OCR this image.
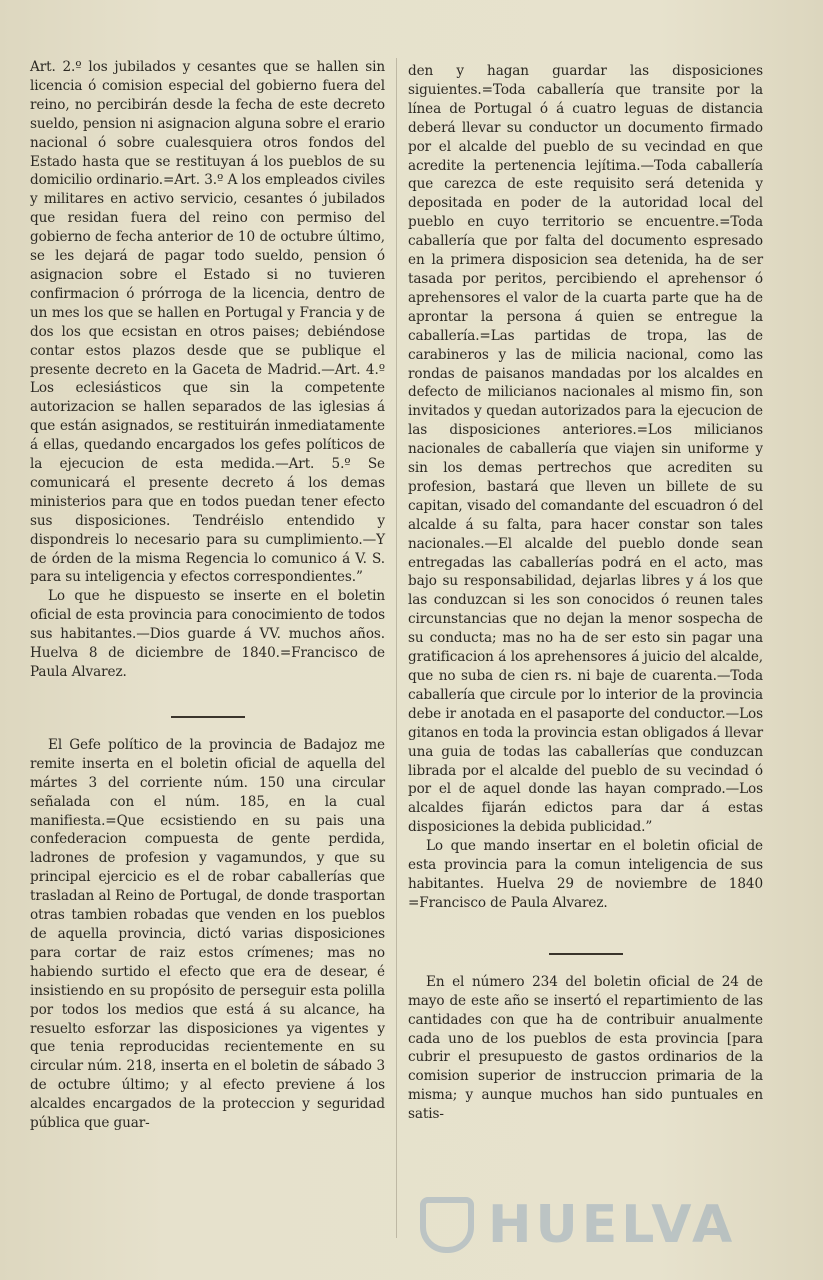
Art. 2.º los jubilados y cesantes que se hallen sin licencia ó comision especial del gobierno fuera del reino, no percibirán desde la fecha de este decreto sueldo, pension ni asignacion alguna sobre el erario nacional ó sobre cualesquiera otros fondos del Estado hasta que se restituyan á los pueblos de su domicilio ordinario.=Art. 3.º A los empleados civiles y militares en activo servicio, cesantes ó jubilados que residan fuera del reino con permiso del gobierno de fecha anterior de 10 de octubre último, se les dejará de pagar todo sueldo, pension ó asignacion sobre el Estado si no tuvieren confirmacion ó prórroga de la licencia, dentro de un mes los que se hallen en Portugal y Francia y de dos los que ecsistan en otros paises; debiéndose contar estos plazos desde que se publique el presente decreto en la Gaceta de Madrid.—Art. 4.º Los eclesiásticos que sin la competente autorizacion se hallen separados de las iglesias á que están asignados, se restituirán inmediatamente á ellas, quedando encargados los gefes políticos de la ejecucion de esta medida.—Art. 5.º Se comunicará el presente decreto á los demas ministerios para que en todos puedan tener efecto sus disposiciones. Tendréislo entendido y dispondreis lo necesario para su cumplimiento.—Y de órden de la misma Regencia lo comunico á V. S. para su inteligencia y efectos correspondientes.”

Lo que he dispuesto se inserte en el boletin oficial de esta provincia para conocimiento de todos sus habitantes.—Dios guarde á VV. muchos años. Huelva 8 de diciembre de 1840.=Francisco de Paula Alvarez.

El Gefe político de la provincia de Badajoz me remite inserta en el boletin oficial de aquella del mártes 3 del corriente núm. 150 una circular señalada con el núm. 185, en la cual manifiesta.=Que ecsistiendo en su pais una confederacion compuesta de gente perdida, ladrones de profesion y vagamundos, y que su principal ejercicio es el de robar caballerías que trasladan al Reino de Portugal, de donde trasportan otras tambien robadas que venden en los pueblos de aquella provincia, dictó varias disposiciones para cortar de raiz estos crímenes; mas no habiendo surtido el efecto que era de desear, é insistiendo en su propósito de perseguir esta polilla por todos los medios que está á su alcance, ha resuelto esforzar las disposiciones ya vigentes y que tenia reproducidas recientemente en su circular núm. 218, inserta en el boletin de sábado 3 de octubre último; y al efecto previene á los alcaldes encargados de la proteccion y seguridad pública que guar-

den y hagan guardar las disposiciones siguientes.=Toda caballería que transite por la línea de Portugal ó á cuatro leguas de distancia deberá llevar su conductor un documento firmado por el alcalde del pueblo de su vecindad en que acredite la pertenencia lejítima.—Toda caballería que carezca de este requisito será detenida y depositada en poder de la autoridad local del pueblo en cuyo territorio se encuentre.=Toda caballería que por falta del documento espresado en la primera disposicion sea detenida, ha de ser tasada por peritos, percibiendo el aprehensor ó aprehensores el valor de la cuarta parte que ha de aprontar la persona á quien se entregue la caballería.=Las partidas de tropa, las de carabineros y las de milicia nacional, como las rondas de paisanos mandadas por los alcaldes en defecto de milicianos nacionales al mismo fin, son invitados y quedan autorizados para la ejecucion de las disposiciones anteriores.=Los milicianos nacionales de caballería que viajen sin uniforme y sin los demas pertrechos que acrediten su profesion, bastará que lleven un billete de su capitan, visado del comandante del escuadron ó del alcalde á su falta, para hacer constar son tales nacionales.—El alcalde del pueblo donde sean entregadas las caballerías podrá en el acto, mas bajo su responsabilidad, dejarlas libres y á los que las conduzcan si les son conocidos ó reunen tales circunstancias que no dejan la menor sospecha de su conducta; mas no ha de ser esto sin pagar una gratificacion á los aprehensores á juicio del alcalde, que no suba de cien rs. ni baje de cuarenta.—Toda caballería que circule por lo interior de la provincia debe ir anotada en el pasaporte del conductor.—Los gitanos en toda la provincia estan obligados á llevar una guia de todas las caballerías que conduzcan librada por el alcalde del pueblo de su vecindad ó por el de aquel donde las hayan comprado.—Los alcaldes fijarán edictos para dar á estas disposiciones la debida publicidad.”

Lo que mando insertar en el boletin oficial de esta provincia para la comun inteligencia de sus habitantes. Huelva 29 de noviembre de 1840 =Francisco de Paula Alvarez.

En el número 234 del boletin oficial de 24 de mayo de este año se insertó el repartimiento de las cantidades con que ha de contribuir anualmente cada uno de los pueblos de esta provincia [para cubrir el presupuesto de gastos ordinarios de la comision superior de instruccion primaria de la misma; y aunque muchos han sido puntuales en satis-

HUELVA
